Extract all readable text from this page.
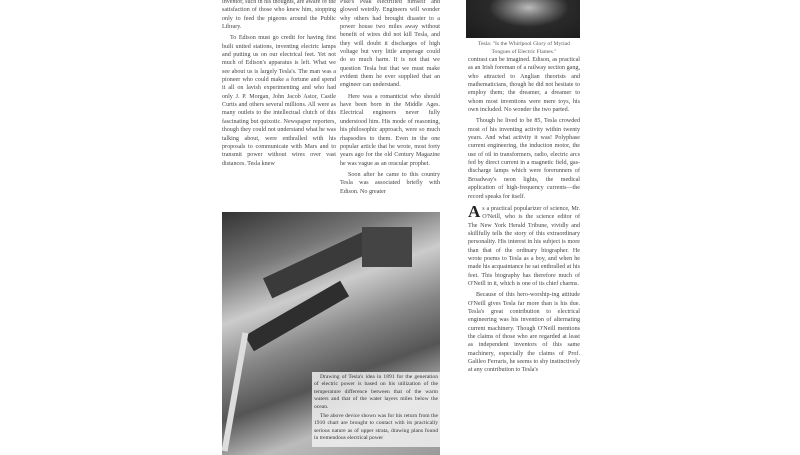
inventor, such in his thoughts, are aware of the satisfaction of those who knew him, stopping only to feed the pigeons around the Public Library.

To Edison must go credit for having first built united stations, inventing electric lamps and putting us on our electrical feet. Yet not much of Edison's apparatus is left. What we see about us is largely Tesla's. The man was a pioneer who could make a fortune and spend it all on lavish experimenting and who had only J. P. Morgan, John Jacob Astor, Castle Curtis and others several millions. All were as many outlets to the intellectual clutch of this fascinating but quixotic. Newspaper reporters, though they could not understand what he was talking about, were enthralled with his proposals to communicate with Mars and to transmit power without wires over vast distances. Tesla knew

Pike's Peak electrified himself and glowed weirdly. Engineers will wonder why others had brought disaster to a power house two miles away without benefit of wires did not kill Tesla, and they will doubt it discharges of high voltage but very little amperage could do so much harm. It is not that we question Tesla but that we must make evident them he ever supplied that an engineer can understand.

Here was a romanticist who should have been born in the Middle Ages. Electrical engineers never fully understood him. His mode of reasoning, his philosophic approach, were so much rhapsodies to them. Even in the one popular article that he wrote, most forty years ago for the old Century Magazine he was vague as an oracular prophet.

Soon after he came to this country Tesla was associated briefly with Edison. No greater

Tesla: "Is the Whirlpool Glory of Myriad Tongues of Electric Flames."

contrast can be imagined. Edison, as practical as an Irish foreman of a railway section gang, who attracted to Anglian theorists and mathematicians, though he did not hesitate to employ them; the dreamer, a dreamer to whom most inventions were mere toys, his own included. No wonder the two parted.

Though he lived to be 85, Tesla crowded most of his inventing activity within twenty years. And what activity it was! Polyphase current engineering, the induction motor, the use of oil in transformers, radio, electric arcs fed by direct current in a magnetic field, gas-discharge lamps which were forerunners of Broadway's neon lights, the medical application of high-frequency currents—the record speaks for itself.

As a practical popularizer of science, Mr. O'Neill, who is the science editor of The New York Herald Tribune, vividly and skillfully tells the story of this extraordinary personality. His interest in his subject is more than that of the ordinary biographer. He wrote poems to Tesla as a boy, and when he made his acquaintance he sat enthralled at his feet. This biography has therefore much of O'Neill in it, which is one of its chief charms.

Because of this hero-worship-ing attitude O'Neill gives Tesla far more than is his due. Tesla's great contribution to electrical engineering was his invention of alternating current machinery. Though O'Neill mentions the claims of those who are regarded at least as independent inventors of this same machinery, especially the claims of Prof. Galileo Ferraris, he seems to shy instinctively at any contribution to Tesla's

Drawing of Tesla's idea in 1891 for the generation of electric power is based on his utilization of the temperature difference between that of the warm waters and that of the water layers miles below the ocean.

The above device shown was for his return from the 1910 chart are brought to contact with its practically serious nature as of upper strata, drawing plans found in tremendous electrical power
